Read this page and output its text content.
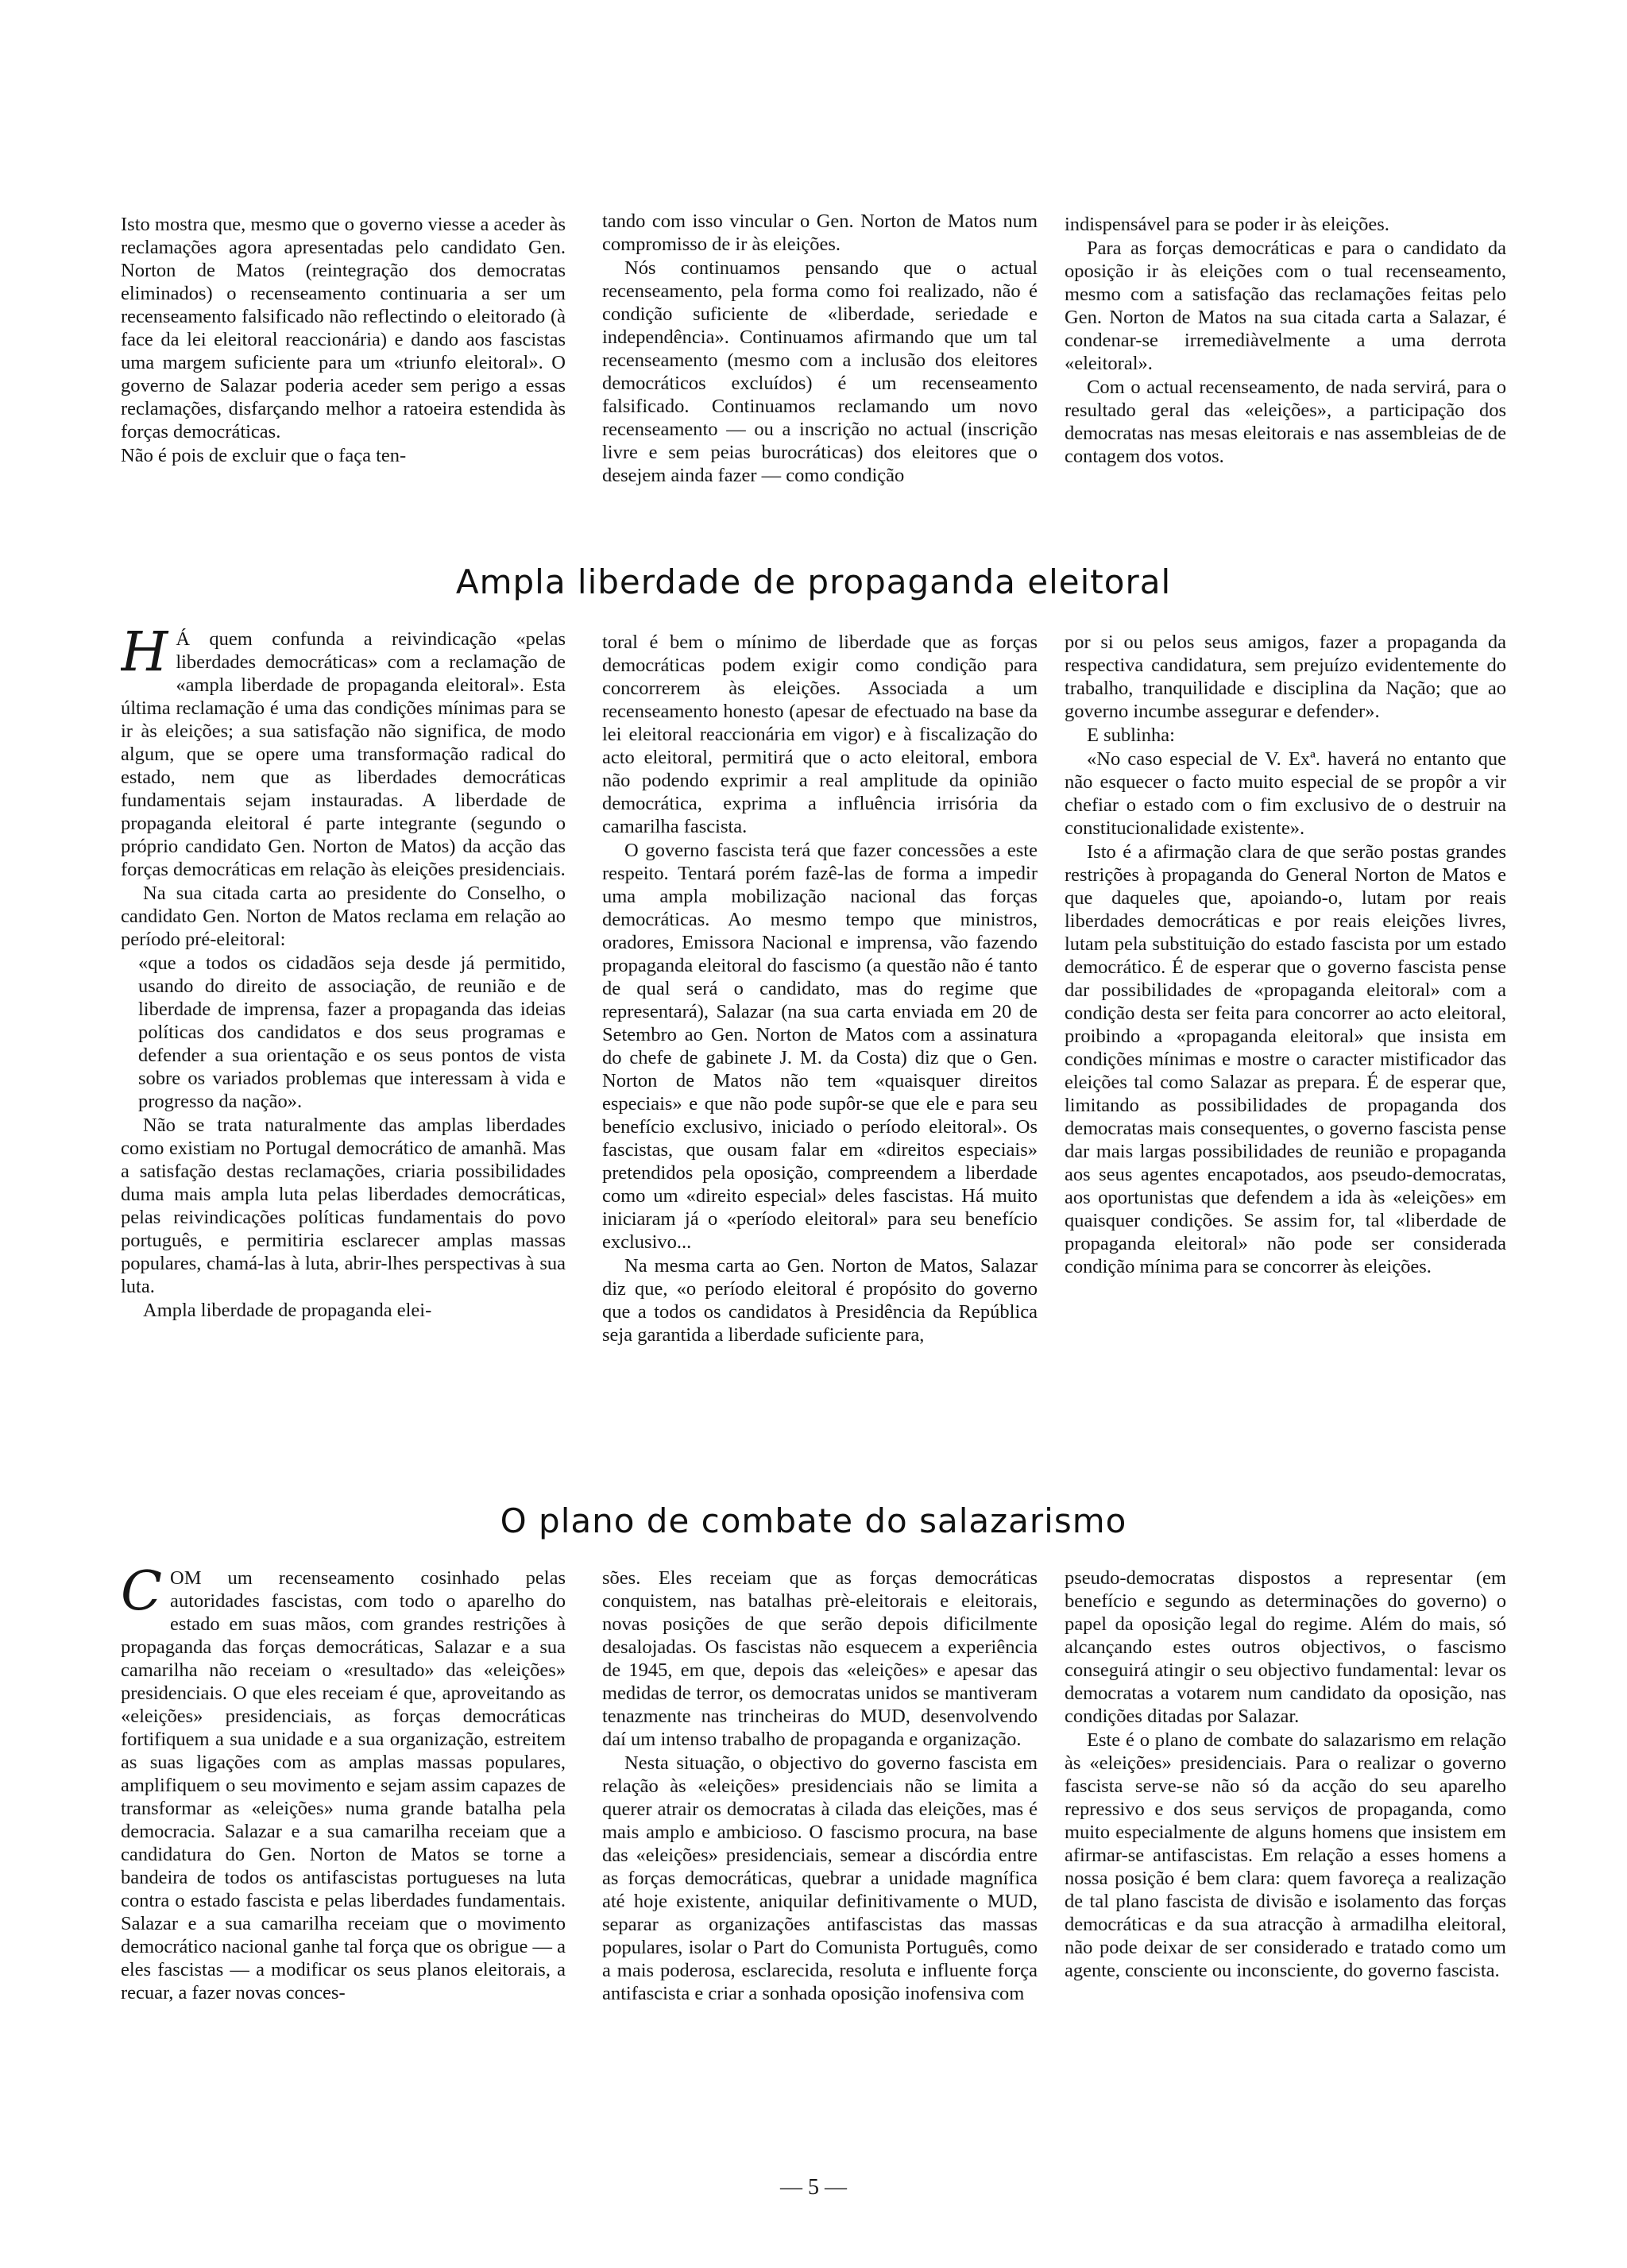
Isto mostra que, mesmo que o governo viesse a aceder às reclamações agora apresentadas pelo candidato Gen. Norton de Matos (reintegração dos democratas eliminados) o recenseamento continuaria a ser um recenseamento falsificado não reflectindo o eleitorado (à face da lei eleitoral reaccionária) e dando aos fascistas uma margem suficiente para um «triunfo eleitoral». O governo de Salazar poderia aceder sem perigo a essas reclamações, disfarçando melhor a ratoeira estendida às forças democráticas.

Não é pois de excluir que o faça ten-

tando com isso vincular o Gen. Norton de Matos num compromisso de ir às eleições.

Nós continuamos pensando que o actual recenseamento, pela forma como foi realizado, não é condição suficiente de «liberdade, seriedade e independência». Continuamos afirmando que um tal recenseamento (mesmo com a inclusão dos eleitores democráticos excluídos) é um recenseamento falsificado. Continuamos reclamando um novo recenseamento — ou a inscrição no actual (inscrição livre e sem peias burocráticas) dos eleitores que o desejem ainda fazer — como condição

indispensável para se poder ir às eleições.

Para as forças democráticas e para o candidato da oposição ir às eleições com o tual recenseamento, mesmo com a satisfação das reclamações feitas pelo Gen. Norton de Matos na sua citada carta a Salazar, é condenar-se irremediàvelmente a uma derrota «eleitoral».

Com o actual recenseamento, de nada servirá, para o resultado geral das «eleições», a participação dos democratas nas mesas eleitorais e nas assembleias de de contagem dos votos.

Ampla liberdade de propaganda eleitoral
H Á quem confunda a reivindicação «pelas liberdades democráticas» com a reclamação de «ampla liberdade de propaganda eleitoral». Esta última reclamação é uma das condições mínimas para se ir às eleições; a sua satisfação não significa, de modo algum, que se opere uma transformação radical do estado, nem que as liberdades democráticas fundamentais sejam instauradas. A liberdade de propaganda eleitoral é parte integrante (segundo o próprio candidato Gen. Norton de Matos) da acção das forças democráticas em relação às eleições presidenciais.

Na sua citada carta ao presidente do Conselho, o candidato Gen. Norton de Matos reclama em relação ao período pré-eleitoral:

«que a todos os cidadãos seja desde já permitido, usando do direito de associação, de reunião e de liberdade de imprensa, fazer a propaganda das ideias políticas dos candidatos e dos seus programas e defender a sua orientação e os seus pontos de vista sobre os variados problemas que interessam à vida e progresso da nação».

Não se trata naturalmente das amplas liberdades como existiam no Portugal democrático de amanhã. Mas a satisfação destas reclamações, criaria possibilidades duma mais ampla luta pelas liberdades democráticas, pelas reivindicações políticas fundamentais do povo português, e permitiria esclarecer amplas massas populares, chamá-las à luta, abrir-lhes perspectivas à sua luta.

Ampla liberdade de propaganda elei-

toral é bem o mínimo de liberdade que as forças democráticas podem exigir como condição para concorrerem às eleições. Associada a um recenseamento honesto (apesar de efectuado na base da lei eleitoral reaccionária em vigor) e à fiscalização do acto eleitoral, permitirá que o acto eleitoral, embora não podendo exprimir a real amplitude da opinião democrática, exprima a influência irrisória da camarilha fascista.

O governo fascista terá que fazer concessões a este respeito. Tentará porém fazê-las de forma a impedir uma ampla mobilização nacional das forças democráticas. Ao mesmo tempo que ministros, oradores, Emissora Nacional e imprensa, vão fazendo propaganda eleitoral do fascismo (a questão não é tanto de qual será o candidato, mas do regime que representará), Salazar (na sua carta enviada em 20 de Setembro ao Gen. Norton de Matos com a assinatura do chefe de gabinete J. M. da Costa) diz que o Gen. Norton de Matos não tem «quaisquer direitos especiais» e que não pode supôr-se que ele e para seu benefício exclusivo, iniciado o período eleitoral». Os fascistas, que ousam falar em «direitos especiais» pretendidos pela oposição, compreendem a liberdade como um «direito especial» deles fascistas. Há muito iniciaram já o «período eleitoral» para seu benefício exclusivo...

Na mesma carta ao Gen. Norton de Matos, Salazar diz que, «o período eleitoral é propósito do governo que a todos os candidatos à Presidência da República seja garantida a liberdade suficiente para,

por si ou pelos seus amigos, fazer a propaganda da respectiva candidatura, sem prejuízo evidentemente do trabalho, tranquilidade e disciplina da Nação; que ao governo incumbe assegurar e defender».

E sublinha:

«No caso especial de V. Exª. haverá no entanto que não esquecer o facto muito especial de se propôr a vir chefiar o estado com o fim exclusivo de o destruir na constitucionalidade existente».

Isto é a afirmação clara de que serão postas grandes restrições à propaganda do General Norton de Matos e que daqueles que, apoiando-o, lutam por reais liberdades democráticas e por reais eleições livres, lutam pela substituição do estado fascista por um estado democrático. É de esperar que o governo fascista pense dar possibilidades de «propaganda eleitoral» com a condição desta ser feita para concorrer ao acto eleitoral, proibindo a «propaganda eleitoral» que insista em condições mínimas e mostre o caracter mistificador das eleições tal como Salazar as prepara. É de esperar que, limitando as possibilidades de propaganda dos democratas mais consequentes, o governo fascista pense dar mais largas possibilidades de reunião e propaganda aos seus agentes encapotados, aos pseudo-democratas, aos oportunistas que defendem a ida às «eleições» em quaisquer condições. Se assim for, tal «liberdade de propaganda eleitoral» não pode ser considerada condição mínima para se concorrer às eleições.

O plano de combate do salazarismo
C OM um recenseamento cosinhado pelas autoridades fascistas, com todo o aparelho do estado em suas mãos, com grandes restrições à propaganda das forças democráticas, Salazar e a sua camarilha não receiam o «resultado» das «eleições» presidenciais. O que eles receiam é que, aproveitando as «eleições» presidenciais, as forças democráticas fortifiquem a sua unidade e a sua organização, estreitem as suas ligações com as amplas massas populares, amplifiquem o seu movimento e sejam assim capazes de transformar as «eleições» numa grande batalha pela democracia. Salazar e a sua camarilha receiam que a candidatura do Gen. Norton de Matos se torne a bandeira de todos os antifascistas portugueses na luta contra o estado fascista e pelas liberdades fundamentais. Salazar e a sua camarilha receiam que o movimento democrático nacional ganhe tal força que os obrigue — a eles fascistas — a modificar os seus planos eleitorais, a recuar, a fazer novas conces-

sões. Eles receiam que as forças democráticas conquistem, nas batalhas prè-eleitorais e eleitorais, novas posições de que serão depois dificilmente desalojadas. Os fascistas não esquecem a experiência de 1945, em que, depois das «eleições» e apesar das medidas de terror, os democratas unidos se mantiveram tenazmente nas trincheiras do MUD, desenvolvendo daí um intenso trabalho de propaganda e organização.

Nesta situação, o objectivo do governo fascista em relação às «eleições» presidenciais não se limita a querer atrair os democratas à cilada das eleições, mas é mais amplo e ambicioso. O fascismo procura, na base das «eleições» presidenciais, semear a discórdia entre as forças democráticas, quebrar a unidade magnífica até hoje existente, aniquilar definitivamente o MUD, separar as organizações antifascistas das massas populares, isolar o Part do Comunista Português, como a mais poderosa, esclarecida, resoluta e influente força antifascista e criar a sonhada oposição inofensiva com

pseudo-democratas dispostos a representar (em benefício e segundo as determinações do governo) o papel da oposição legal do regime. Além do mais, só alcançando estes outros objectivos, o fascismo conseguirá atingir o seu objectivo fundamental: levar os democratas a votarem num candidato da oposição, nas condições ditadas por Salazar.

Este é o plano de combate do salazarismo em relação às «eleições» presidenciais. Para o realizar o governo fascista serve-se não só da acção do seu aparelho repressivo e dos seus serviços de propaganda, como muito especialmente de alguns homens que insistem em afirmar-se antifascistas. Em relação a esses homens a nossa posição é bem clara: quem favoreça a realização de tal plano fascista de divisão e isolamento das forças democráticas e da sua atracção à armadilha eleitoral, não pode deixar de ser considerado e tratado como um agente, consciente ou inconsciente, do governo fascista.

— 5 —
